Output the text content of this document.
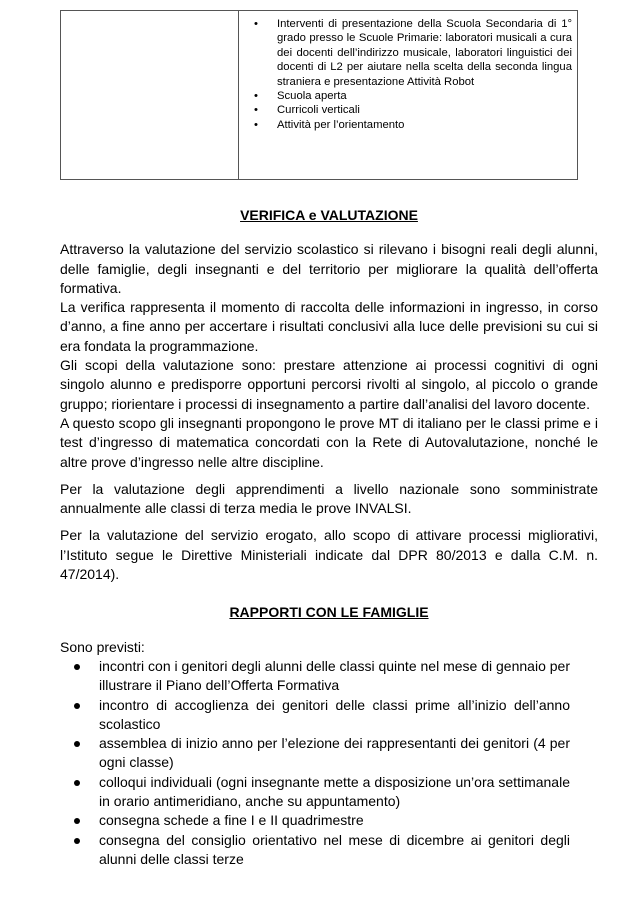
• Interventi di presentazione della Scuola Secondaria di 1° grado presso le Scuole Primarie: laboratori musicali a cura dei docenti dell’indirizzo musicale, laboratori linguistici dei docenti di L2 per aiutare nella scelta della seconda lingua straniera e presentazione Attività Robot
• Scuola aperta
• Curricoli verticali
• Attività per l’orientamento
VERIFICA e VALUTAZIONE

Attraverso la valutazione del servizio scolastico si rilevano i bisogni reali degli alunni, delle famiglie, degli insegnanti e del territorio per migliorare la qualità dell’offerta formativa.

La verifica rappresenta il momento di raccolta delle informazioni in ingresso, in corso d’anno, a fine anno per accertare i risultati conclusivi alla luce delle previsioni su cui si era fondata la programmazione.

Gli scopi della valutazione sono: prestare attenzione ai processi cognitivi di ogni singolo alunno e predisporre opportuni percorsi rivolti al singolo, al piccolo o grande gruppo; riorientare i processi di insegnamento a partire dall’analisi del lavoro docente.

A questo scopo gli insegnanti propongono le prove MT di italiano per le classi prime e i test d’ingresso di matematica concordati con la Rete di Autovalutazione, nonché le altre prove d’ingresso nelle altre discipline.

Per la valutazione degli apprendimenti a livello nazionale sono somministrate annualmente alle classi di terza media le prove INVALSI.

Per la valutazione del servizio erogato, allo scopo di attivare processi migliorativi, l’Istituto segue le Direttive Ministeriali indicate dal DPR 80/2013 e dalla C.M. n. 47/2014).

RAPPORTI CON LE FAMIGLIE

Sono previsti:

incontri con i genitori degli alunni delle classi quinte nel mese di gennaio per illustrare il Piano dell’Offerta Formativa
incontro di accoglienza dei genitori delle classi prime all’inizio dell’anno scolastico
assemblea di inizio anno per l’elezione dei rappresentanti dei genitori (4 per ogni classe)
colloqui individuali (ogni insegnante mette a disposizione un’ora settimanale in orario antimeridiano, anche su appuntamento)
consegna schede a fine I e II quadrimestre
consegna del consiglio orientativo nel mese di dicembre ai genitori degli alunni delle classi terze
